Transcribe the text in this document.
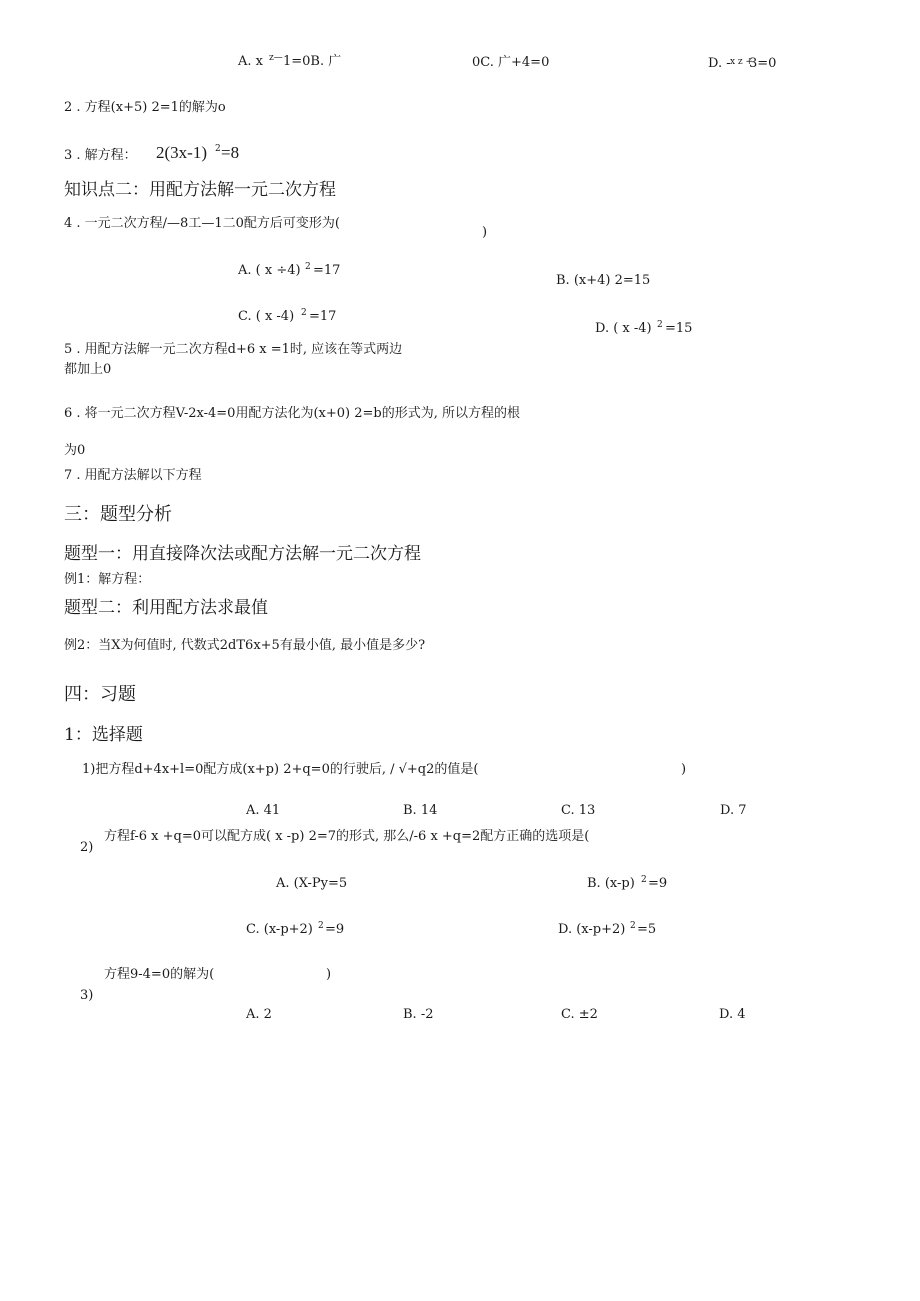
A. x z— 1=0B. 广	0C. 广+4=0	D. - x z +
3=0
2 . 方程(x+5) 2=1的解为o
3 . 解方程： 2(3x-1) 2 =8
知识点二：用配方法解一元二次方程
4 . 一元二次方程/—8工—1二0配方后可变形为(
)
A. ( x ÷4) 2 =17
B. (x+4) 2=15
C. ( x -4) 2 =17
D. ( x -4) 2 =15
5 . 用配方法解一元二次方程d+6 x =1时, 应该在等式两边
都加上0
6 . 将一元二次方程V-2x-4=0用配方法化为(x+0) 2=b的形式为, 所以方程的根
为0
7 . 用配方法解以下方程
三：题型分析
题型一：用直接降次法或配方法解一元二次方程
例1：解方程：
题型二：利用配方法求最值
例2：当X为何值时, 代数式2dT6x+5有最小值, 最小值是多少?
四：习题
1：选择题
1)把方程d+4x+l=0配方成(x+p) 2+q=0的行驶后, / √+q2的值是(	)
A. 41	B. 14	C. 13	D. 7
方程f-6 x +q=0可以配方成( x -p) 2=7的形式, 那么/-6 x +q=2配方正确的选项是(
2)
A. (X-Py=5	B. (x-p) 2 =9
C. (x-p+2) 2 =9	D. (x-p+2) 2 =5
方程9-4=0的解为(	)
3)
A. 2	B. -2	C. ±2	D. 4
